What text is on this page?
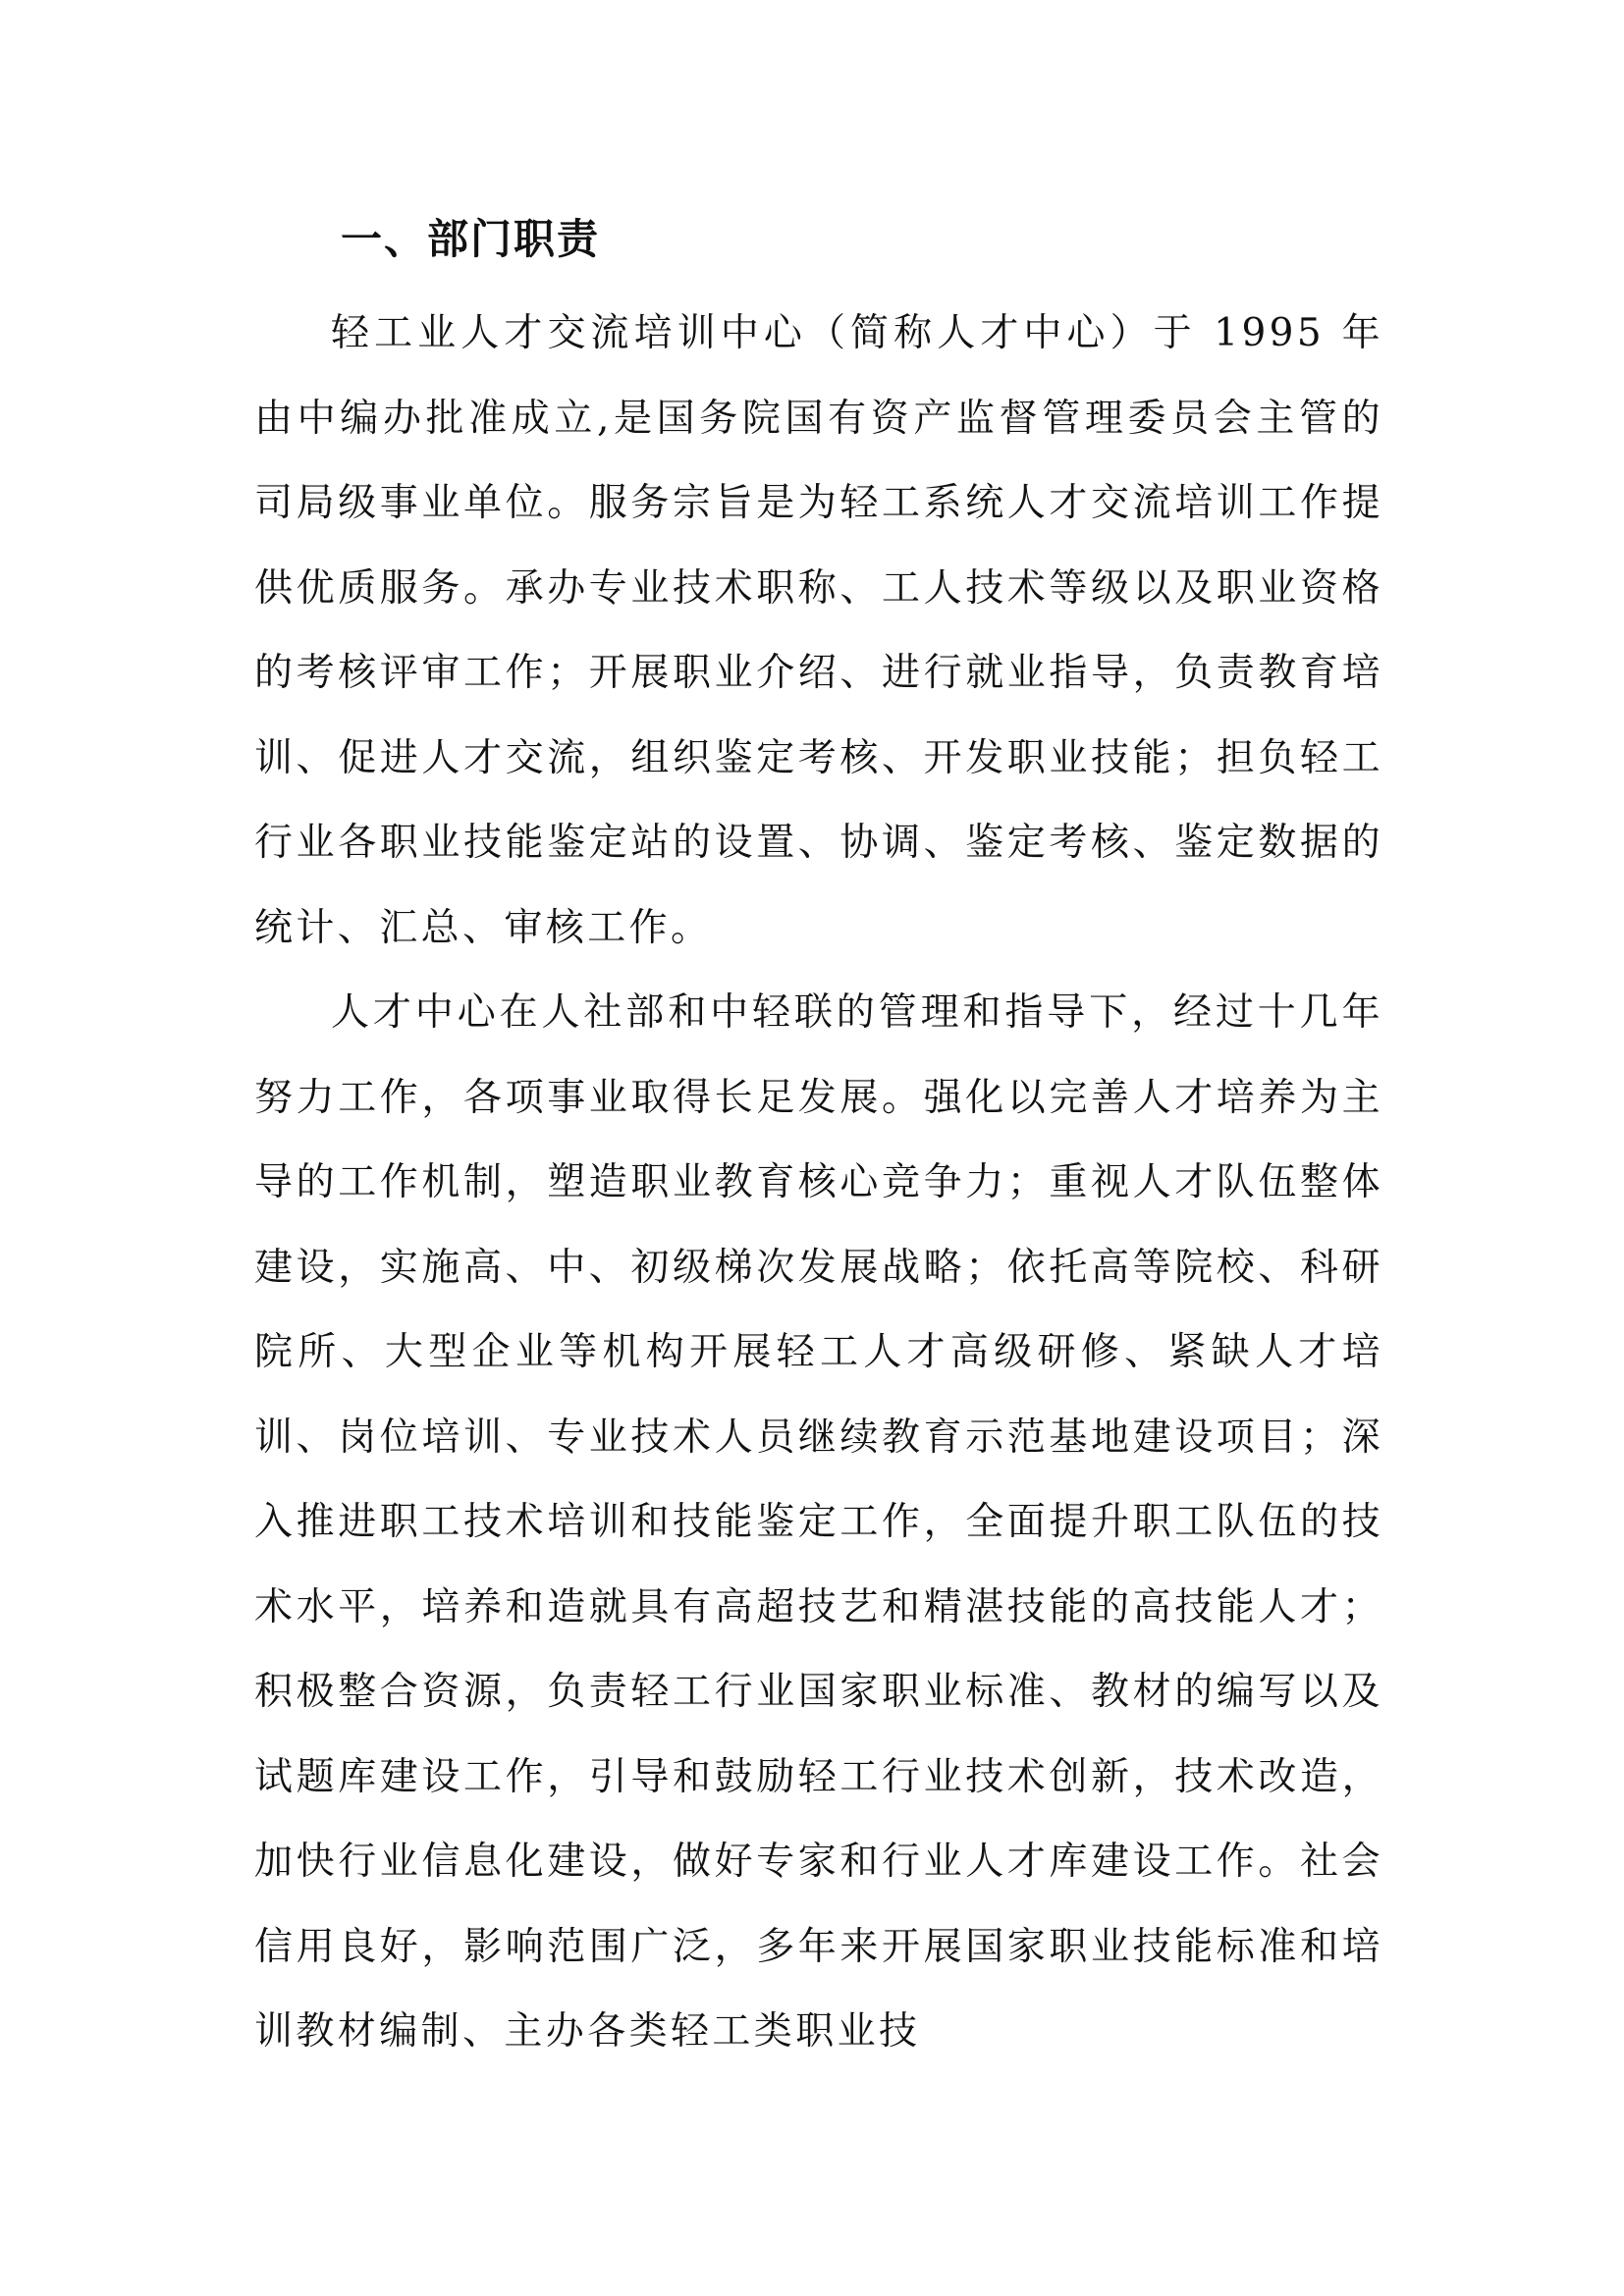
一、部门职责

轻工业人才交流培训中心（简称人才中心）于 1995 年由中编办批准成立,是国务院国有资产监督管理委员会主管的司局级事业单位。服务宗旨是为轻工系统人才交流培训工作提供优质服务。承办专业技术职称、工人技术等级以及职业资格的考核评审工作；开展职业介绍、进行就业指导，负责教育培训、促进人才交流，组织鉴定考核、开发职业技能；担负轻工行业各职业技能鉴定站的设置、协调、鉴定考核、鉴定数据的统计、汇总、审核工作。

人才中心在人社部和中轻联的管理和指导下，经过十几年努力工作，各项事业取得长足发展。强化以完善人才培养为主导的工作机制，塑造职业教育核心竞争力；重视人才队伍整体建设，实施高、中、初级梯次发展战略；依托高等院校、科研院所、大型企业等机构开展轻工人才高级研修、紧缺人才培训、岗位培训、专业技术人员继续教育示范基地建设项目；深入推进职工技术培训和技能鉴定工作，全面提升职工队伍的技术水平，培养和造就具有高超技艺和精湛技能的高技能人才；积极整合资源，负责轻工行业国家职业标准、教材的编写以及试题库建设工作，引导和鼓励轻工行业技术创新，技术改造，加快行业信息化建设，做好专家和行业人才库建设工作。社会信用良好，影响范围广泛，多年来开展国家职业技能标准和培训教材编制、主办各类轻工类职业技
